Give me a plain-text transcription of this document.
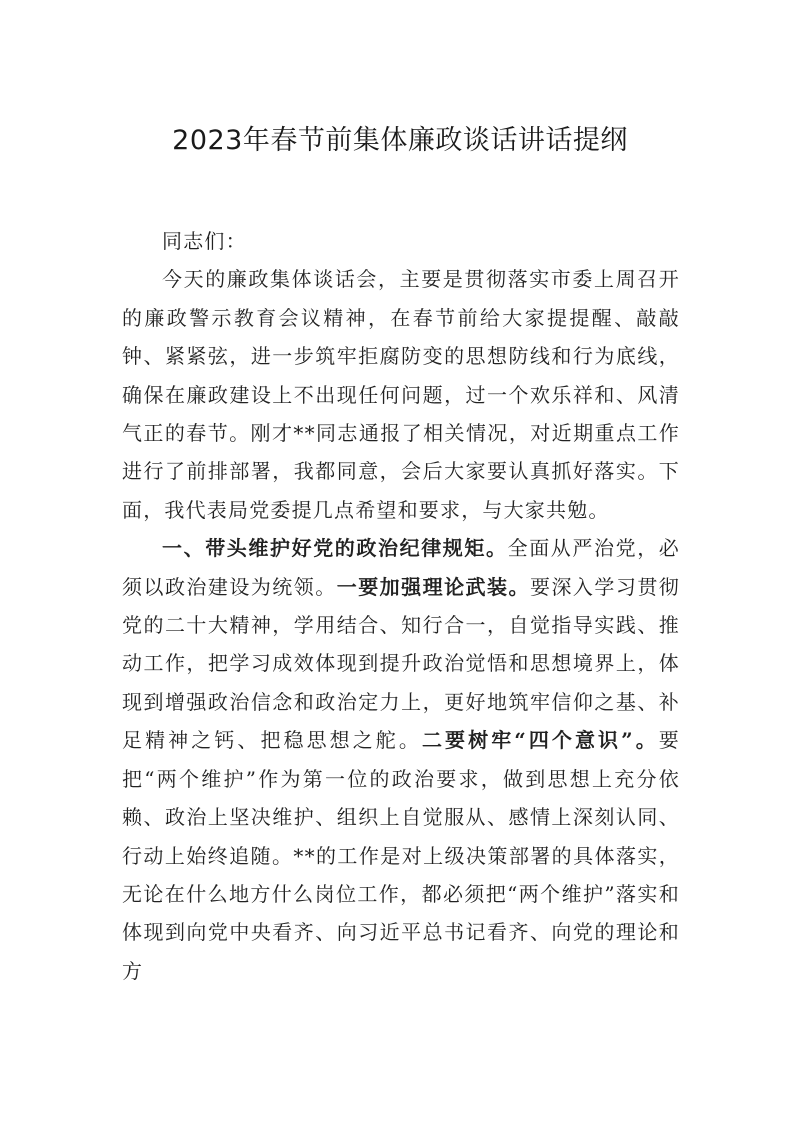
2023年春节前集体廉政谈话讲话提纲

同志们：

今天的廉政集体谈话会，主要是贯彻落实市委上周召开的廉政警示教育会议精神，在春节前给大家提提醒、敲敲钟、紧紧弦，进一步筑牢拒腐防变的思想防线和行为底线，确保在廉政建设上不出现任何问题，过一个欢乐祥和、风清气正的春节。刚才**同志通报了相关情况，对近期重点工作进行了前排部署，我都同意，会后大家要认真抓好落实。下面，我代表局党委提几点希望和要求，与大家共勉。

一、带头维护好党的政治纪律规矩。全面从严治党，必须以政治建设为统领。一要加强理论武装。要深入学习贯彻党的二十大精神，学用结合、知行合一，自觉指导实践、推动工作，把学习成效体现到提升政治觉悟和思想境界上，体现到增强政治信念和政治定力上，更好地筑牢信仰之基、补足精神之钙、把稳思想之舵。二要树牢“四个意识”。要把“两个维护”作为第一位的政治要求，做到思想上充分依赖、政治上坚决维护、组织上自觉服从、感情上深刻认同、行动上始终追随。**的工作是对上级决策部署的具体落实，无论在什么地方什么岗位工作，都必须把“两个维护”落实和体现到向党中央看齐、向习近平总书记看齐、向党的理论和方
